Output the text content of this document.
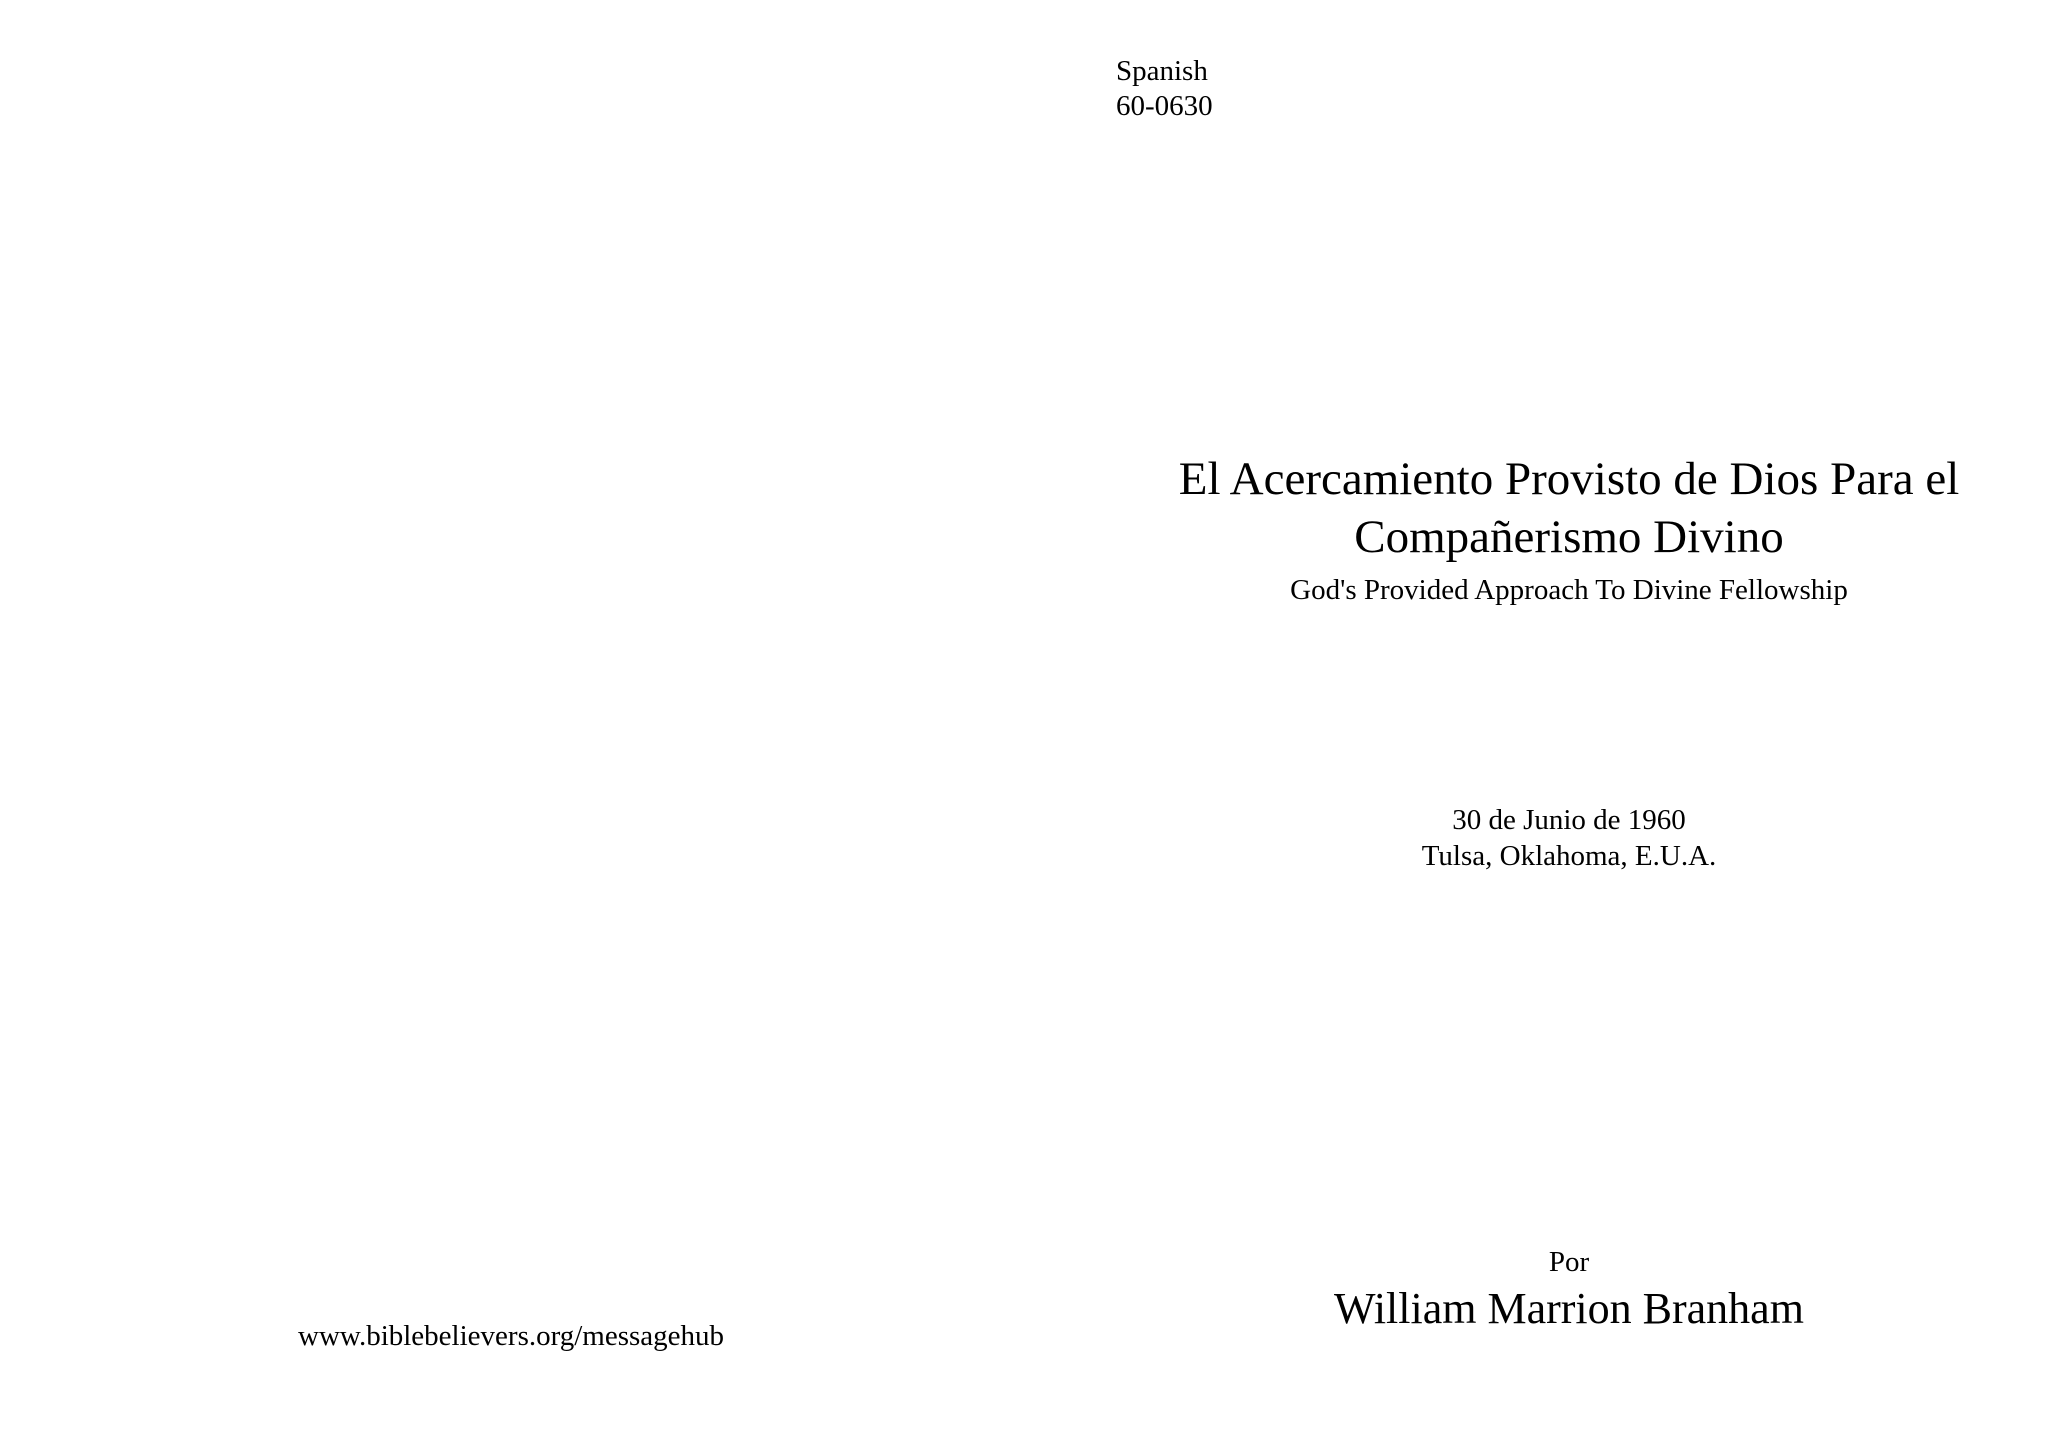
www.biblebelievers.org/messagehub
Spanish
60-0630
El Acercamiento Provisto de Dios Para el Compañerismo Divino
God's Provided Approach To Divine Fellowship
30 de Junio de 1960
Tulsa, Oklahoma, E.U.A.
Por
William Marrion Branham
